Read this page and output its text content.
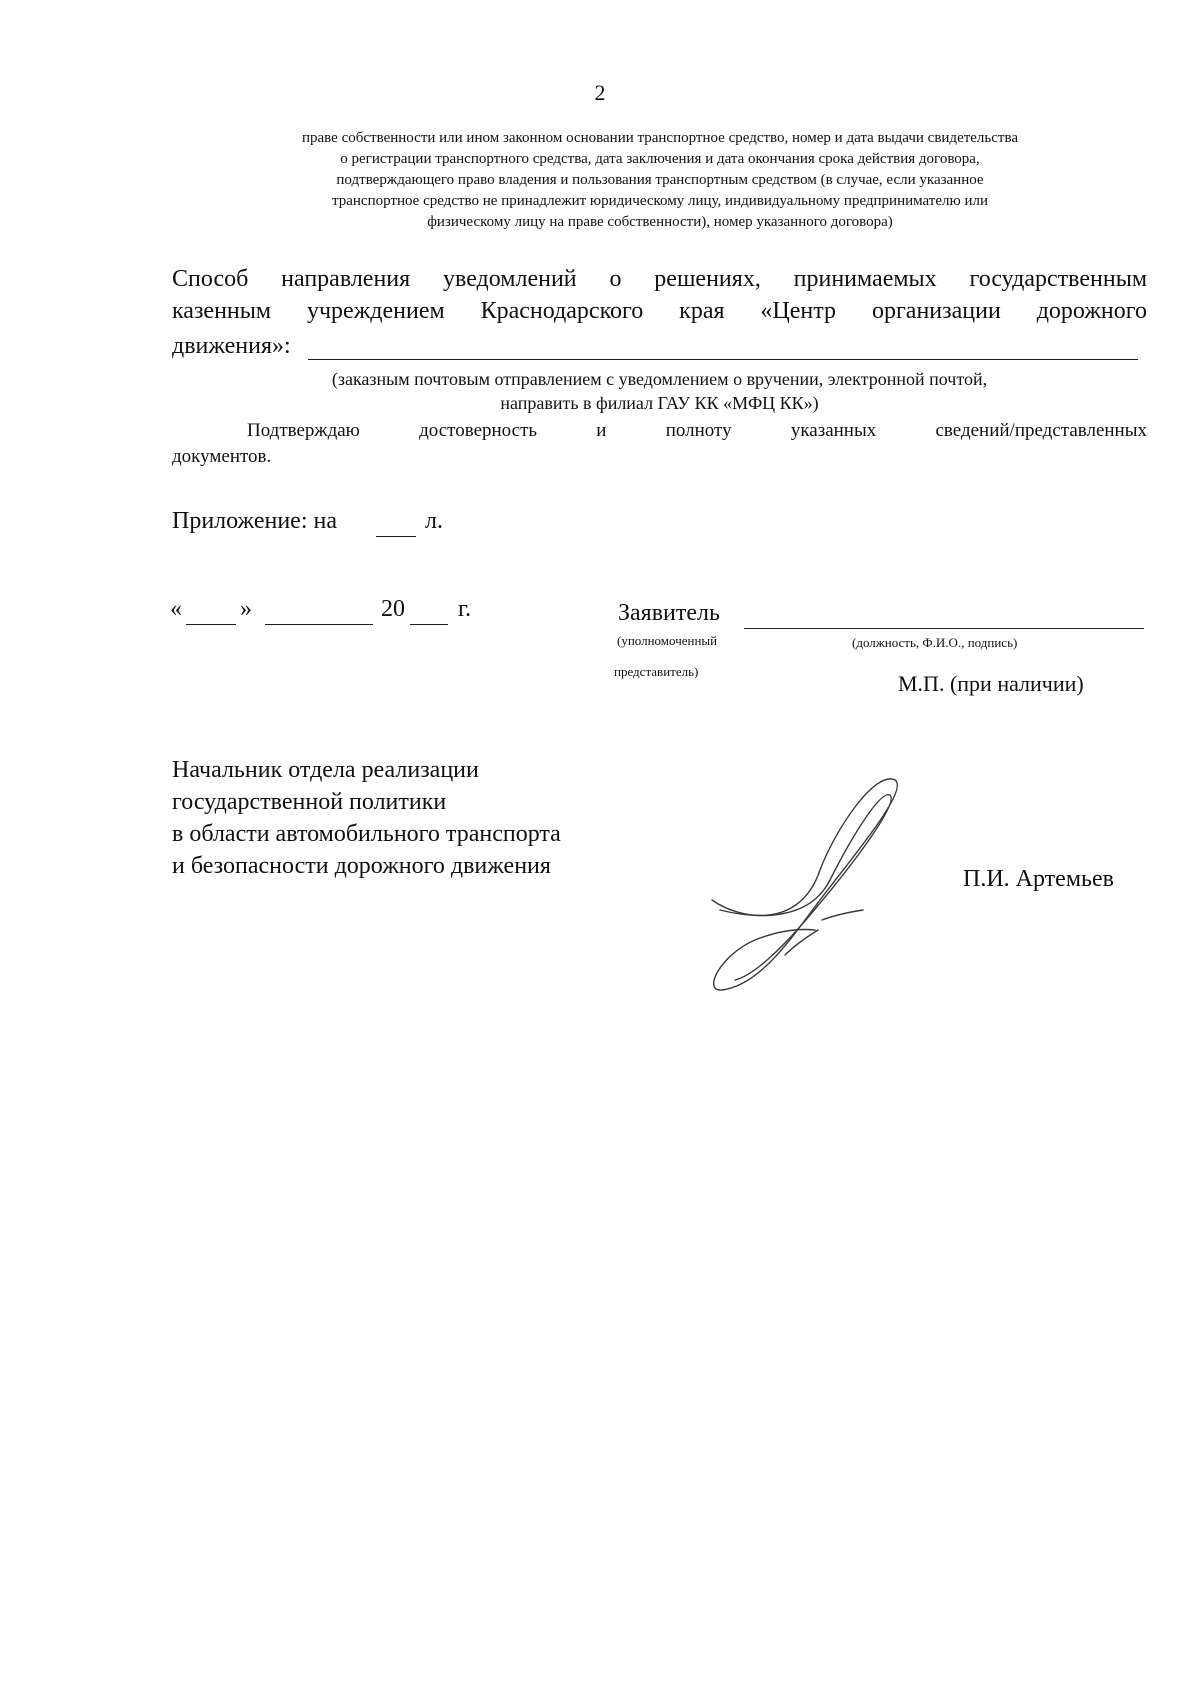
2
праве собственности или ином законном основании транспортное средство, номер и дата выдачи свидетельства
о регистрации транспортного средства, дата заключения и дата окончания срока действия договора,
подтверждающего право владения и пользования транспортным средством (в случае, если указанное
транспортное средство не принадлежит юридическому лицу, индивидуальному предпринимателю или
физическому лицу на праве собственности), номер указанного договора)
Способ направления уведомлений о решениях, принимаемых государственным
казенным учреждением Краснодарского края «Центр организации дорожного
движения»:
(заказным почтовым отправлением с уведомлением о вручении, электронной почтой,
направить в филиал ГАУ КК «МФЦ КК»)
Подтверждаю достоверность и полноту указанных сведений/представленных
документов.
Приложение: на	л.
« »	20 г.	Заявитель
(уполномоченный	(должность, Ф.И.О., подпись)
представитель)	М.П. (при наличии)
Начальник отдела реализации
государственной политики
в области автомобильного транспорта
и безопасности дорожного движения	П.И. Артемьев
